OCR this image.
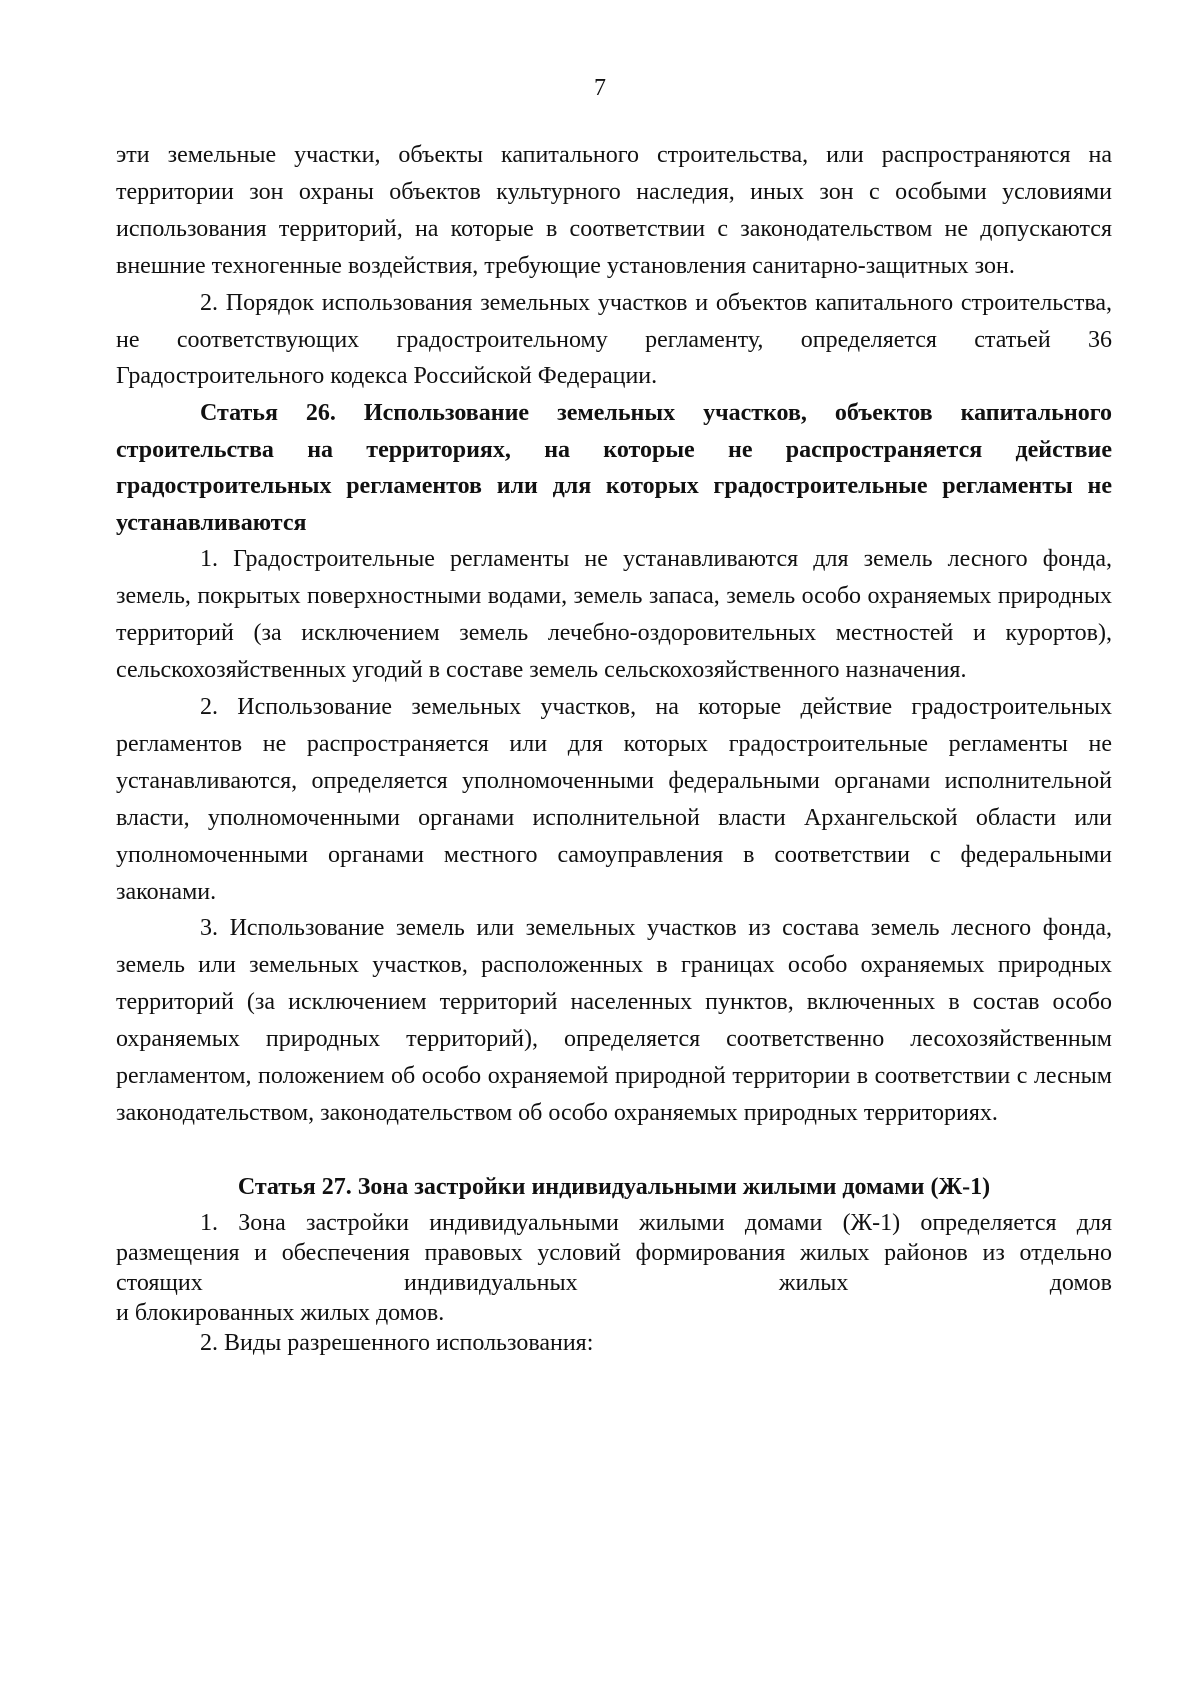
7

эти земельные участки, объекты капитального строительства, или распространяются на территории зон охраны объектов культурного наследия, иных зон с особыми условиями использования территорий, на которые в соответствии с законодательством не допускаются внешние техногенные воздействия, требующие установления санитарно-защитных зон.

2. Порядок использования земельных участков и объектов капитального строительства, не соответствующих градостроительному регламенту, определяется статьей 36 Градостроительного кодекса Российской Федерации.

Статья 26. Использование земельных участков, объектов капитального строительства на территориях, на которые не распространяется действие градостроительных регламентов или для которых градостроительные регламенты не устанавливаются

1. Градостроительные регламенты не устанавливаются для земель лесного фонда, земель, покрытых поверхностными водами, земель запаса, земель особо охраняемых природных территорий (за исключением земель лечебно-оздоровительных местностей и курортов), сельскохозяйственных угодий в составе земель сельскохозяйственного назначения.

2. Использование земельных участков, на которые действие градостроительных регламентов не распространяется или для которых градостроительные регламенты не устанавливаются, определяется уполномоченными федеральными органами исполнительной власти, уполномоченными органами исполнительной власти Архангельской области или уполномоченными органами местного самоуправления в соответствии с федеральными законами.

3. Использование земель или земельных участков из состава земель лесного фонда, земель или земельных участков, расположенных в границах особо охраняемых природных территорий (за исключением территорий населенных пунктов, включенных в состав особо охраняемых природных территорий), определяется соответственно лесохозяйственным регламентом, положением об особо охраняемой природной территории в соответствии с лесным законодательством, законодательством об особо охраняемых природных территориях.

Статья 27. Зона застройки индивидуальными жилыми домами (Ж-1)

1. Зона застройки индивидуальными жилыми домами (Ж-1) определяется для размещения и обеспечения правовых условий формирования жилых районов из отдельно стоящих индивидуальных жилых домов

и блокированных жилых домов.

2. Виды разрешенного использования:
